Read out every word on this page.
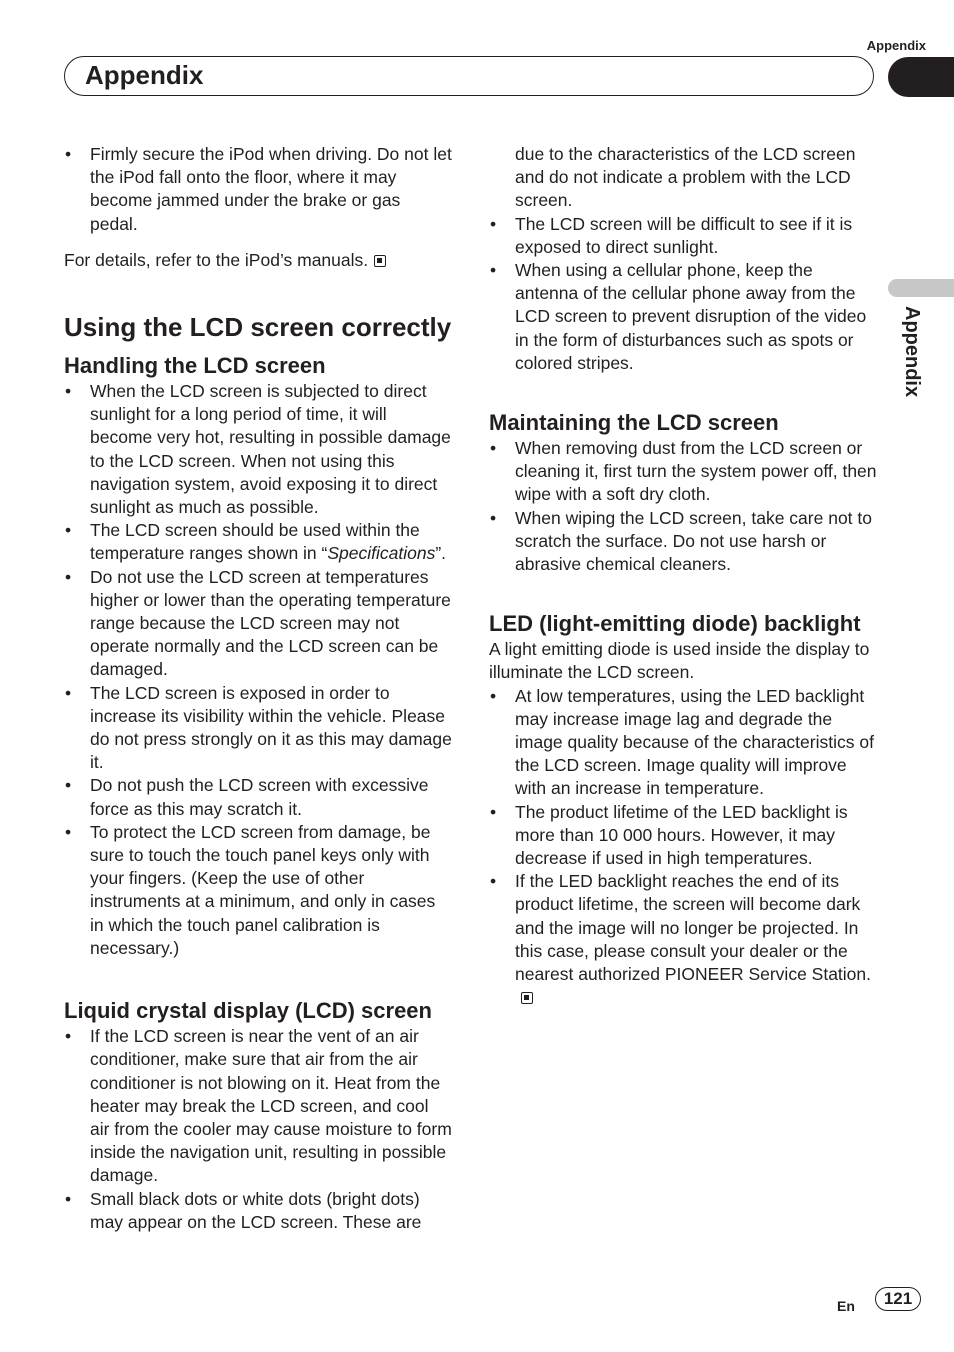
Appendix
Appendix
Appendix
• Firmly secure the iPod when driving. Do not let the iPod fall onto the floor, where it may become jammed under the brake or gas pedal.

For details, refer to the iPod’s manuals.

Using the LCD screen correctly
Handling the LCD screen
• When the LCD screen is subjected to direct sunlight for a long period of time, it will become very hot, resulting in possible damage to the LCD screen. When not using this navigation system, avoid exposing it to direct sunlight as much as possible.
• The LCD screen should be used within the temperature ranges shown in “Specifications”.
• Do not use the LCD screen at temperatures higher or lower than the operating temperature range because the LCD screen may not operate normally and the LCD screen can be damaged.
• The LCD screen is exposed in order to increase its visibility within the vehicle. Please do not press strongly on it as this may damage it.
• Do not push the LCD screen with excessive force as this may scratch it.
• To protect the LCD screen from damage, be sure to touch the touch panel keys only with your fingers. (Keep the use of other instruments at a minimum, and only in cases in which the touch panel calibration is necessary.)
Liquid crystal display (LCD) screen
• If the LCD screen is near the vent of an air conditioner, make sure that air from the air conditioner is not blowing on it. Heat from the heater may break the LCD screen, and cool air from the cooler may cause moisture to form inside the navigation unit, resulting in possible damage.
• Small black dots or white dots (bright dots) may appear on the LCD screen. These are

due to the characteristics of the LCD screen and do not indicate a problem with the LCD screen.

• The LCD screen will be difficult to see if it is exposed to direct sunlight.
• When using a cellular phone, keep the antenna of the cellular phone away from the LCD screen to prevent disruption of the video in the form of disturbances such as spots or colored stripes.
Maintaining the LCD screen
• When removing dust from the LCD screen or cleaning it, first turn the system power off, then wipe with a soft dry cloth.
• When wiping the LCD screen, take care not to scratch the surface. Do not use harsh or abrasive chemical cleaners.
LED (light-emitting diode) backlight

A light emitting diode is used inside the display to illuminate the LCD screen.

• At low temperatures, using the LED backlight may increase image lag and degrade the image quality because of the characteristics of the LCD screen. Image quality will improve with an increase in temperature.
• The product lifetime of the LED backlight is more than 10 000 hours. However, it may decrease if used in high temperatures.
• If the LED backlight reaches the end of its product lifetime, the screen will become dark and the image will no longer be projected. In this case, please consult your dealer or the nearest authorized PIONEER Service Station.
En	121
